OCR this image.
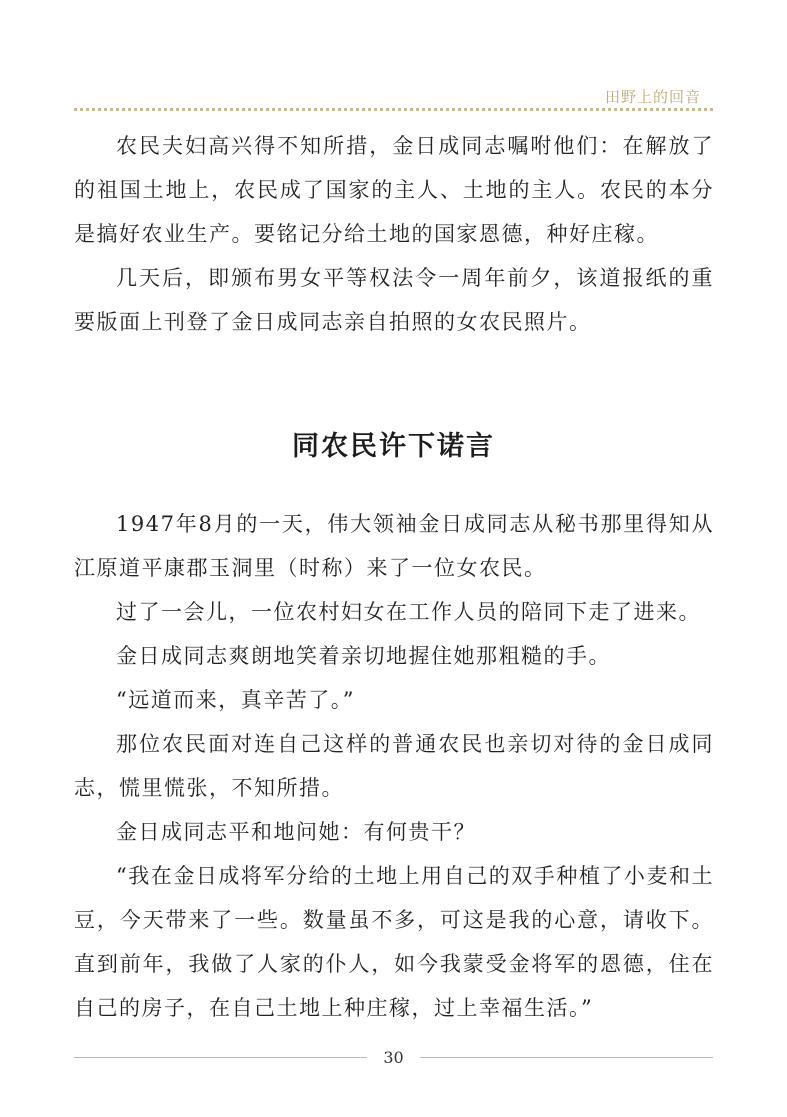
田野上的回音

农民夫妇高兴得不知所措，金日成同志嘱咐他们：在解放了的祖国土地上，农民成了国家的主人、土地的主人。农民的本分是搞好农业生产。要铭记分给土地的国家恩德，种好庄稼。

几天后，即颁布男女平等权法令一周年前夕，该道报纸的重要版面上刊登了金日成同志亲自拍照的女农民照片。

同农民许下诺言

1947年8月的一天，伟大领袖金日成同志从秘书那里得知从江原道平康郡玉洞里（时称）来了一位女农民。

过了一会儿，一位农村妇女在工作人员的陪同下走了进来。

金日成同志爽朗地笑着亲切地握住她那粗糙的手。

“远道而来，真辛苦了。”

那位农民面对连自己这样的普通农民也亲切对待的金日成同志，慌里慌张，不知所措。

金日成同志平和地问她：有何贵干？

“我在金日成将军分给的土地上用自己的双手种植了小麦和土豆，今天带来了一些。数量虽不多，可这是我的心意，请收下。直到前年，我做了人家的仆人，如今我蒙受金将军的恩德，住在自己的房子，在自己土地上种庄稼，过上幸福生活。”

30
